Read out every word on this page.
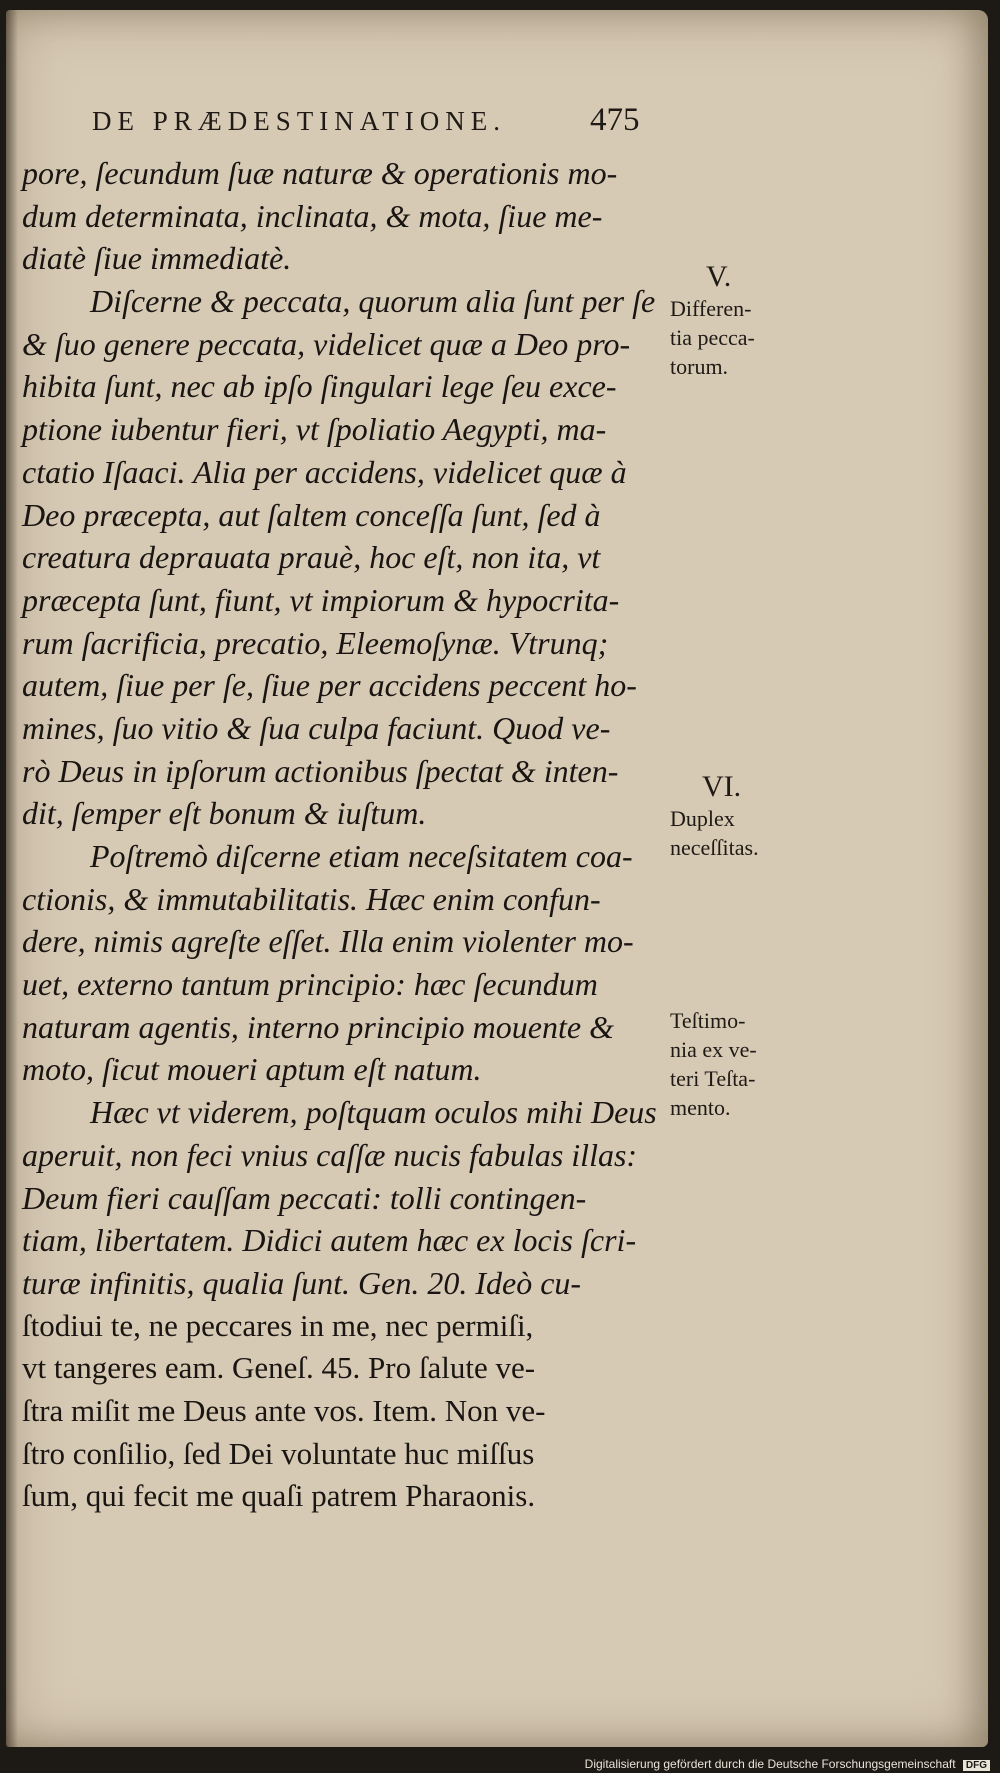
DE PRÆDESTINATIONE.	475
pore, ſecundum ſuæ naturæ & operationis mo-
dum determinata, inclinata, & mota, ſiue me-
diatè ſiue immediatè.
Diſcerne & peccata, quorum alia ſunt per ſe
& ſuo genere peccata, videlicet quæ a Deo pro-
hibita ſunt, nec ab ipſo ſingulari lege ſeu exce-
ptione iubentur fieri, vt ſpoliatio Aegypti, ma-
ctatio Iſaaci. Alia per accidens, videlicet quæ à
Deo præcepta, aut ſaltem conceſſa ſunt, ſed à
creatura deprauata prauè, hoc eſt, non ita, vt
præcepta ſunt, fiunt, vt impiorum & hypocrita-
rum ſacrificia, precatio, Eleemoſynæ. Vtrunq;
autem, ſiue per ſe, ſiue per accidens peccent ho-
mines, ſuo vitio & ſua culpa faciunt. Quod ve-
rò Deus in ipſorum actionibus ſpectat & inten-
dit, ſemper eſt bonum & iuſtum.
Poſtremò diſcerne etiam neceſsitatem coa-
ctionis, & immutabilitatis. Hæc enim confun-
dere, nimis agreſte eſſet. Illa enim violenter mo-
uet, externo tantum principio: hæc ſecundum
naturam agentis, interno principio mouente &
moto, ſicut moueri aptum eſt natum.
Hæc vt viderem, poſtquam oculos mihi Deus
aperuit, non feci vnius caſſæ nucis fabulas illas:
Deum fieri cauſſam peccati: tolli contingen-
tiam, libertatem. Didici autem hæc ex locis ſcri-
turæ infinitis, qualia ſunt. Gen. 20. Ideò cu-
ſtodiui te, ne peccares in me, nec permiſi,
vt tangeres eam. Geneſ. 45. Pro ſalute ve-
ſtra miſit me Deus ante vos. Item. Non ve-
ſtro conſilio, ſed Dei voluntate huc miſſus
ſum, qui fecit me quaſi patrem Pharaonis.
V.
Differen-
tia pecca-
torum.
VI.
Duplex
neceſſitas.
Teſtimo-
nia ex ve-
teri Teſta-
mento.
Digitalisierung gefördert durch die Deutsche Forschungsgemeinschaft DFG
